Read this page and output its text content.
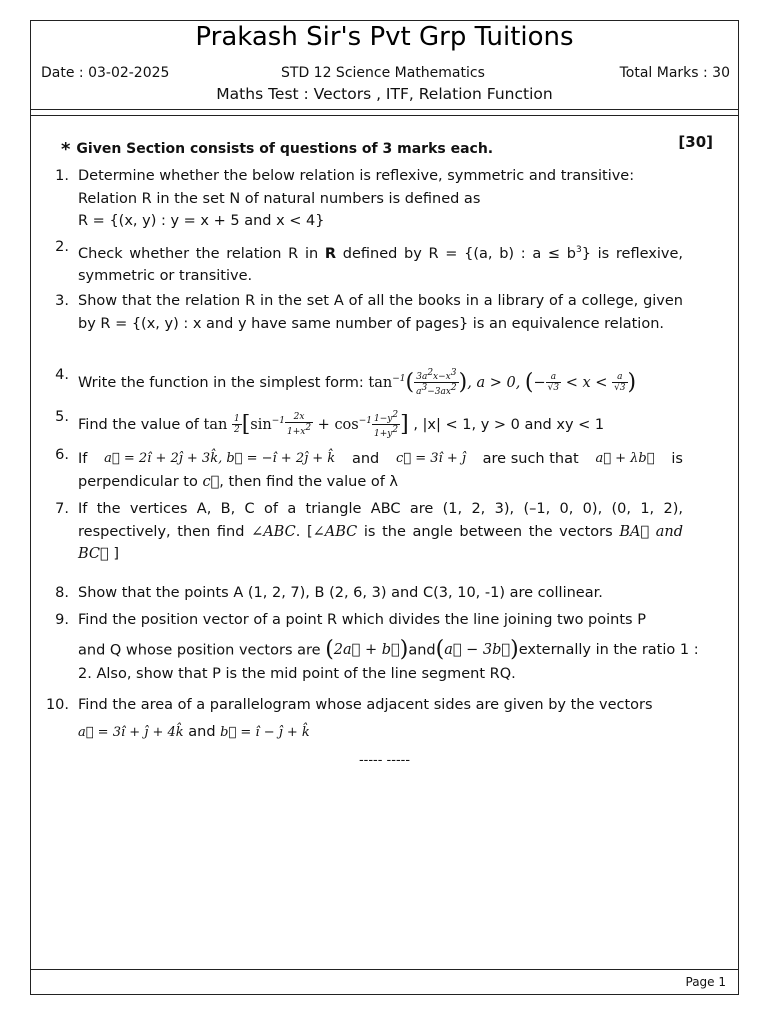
Prakash Sir's Pvt Grp Tuitions
Date : 03-02-2025	STD 12 Science Mathematics	Total Marks : 30
Maths Test : Vectors , ITF, Relation Function
* Given Section consists of questions of 3 marks each.	[30]
1. Determine whether the below relation is reflexive, symmetric and transitive:
Relation R in the set N of natural numbers is defined as
R = {(x, y) : y = x + 5 and x < 4}
2. Check whether the relation R in R defined by R = {(a, b) : $a \le b^3$} is reflexive, symmetric or transitive.
3. Show that the relation R in the set A of all the books in a library of a college, given by R = {(x, y) : x and y have same number of pages} is an equivalence relation.
4. Write the function in the simplest form: $\tan^{-1}( \frac{3a^2x-x^3}{a^3-3ax^2}$ ), a > 0, (− $\frac{a}{√3} < x < \frac{a}{√3}$ )
5. Find the value of $\tan \frac{1}{2} [\sin^{-1} \frac{2x}{1+x^2} + \cos^{-1} \frac{1-y^2}{1+y^2}$ ] , |x| < 1, y > 0 and xy < 1
6. If a⃗ = 2î + 2ĵ + 3k̂, b⃗ = −î + 2ĵ + k̂ and c⃗ = 3î + ĵ are such that a⃗ + λb⃗ is
perpendicular to c⃗, then find the value of λ
7. If the vertices A, B, C of a triangle ABC are (1, 2, 3), (–1, 0, 0), (0, 1, 2), respectively, then find ∠ABC. [∠ABC is the angle between the vectors BA⃗ and BC⃗ ]
8. Show that the points A (1, 2, 7), B (2, 6, 3) and C(3, 10, -1) are collinear.
9. Find the position vector of a point R which divides the line joining two points P
and Q whose position vectors are (2a⃗ + b⃗)and(a⃗ − 3b⃗) externally in the ratio 1 :
2. Also, show that P is the mid point of the line segment RQ.
10. Find the area of a parallelogram whose adjacent sides are given by the vectors
a⃗ = 3î + ĵ + 4k̂ and b⃗ = î − ĵ + k̂
----- -----
Page 1
